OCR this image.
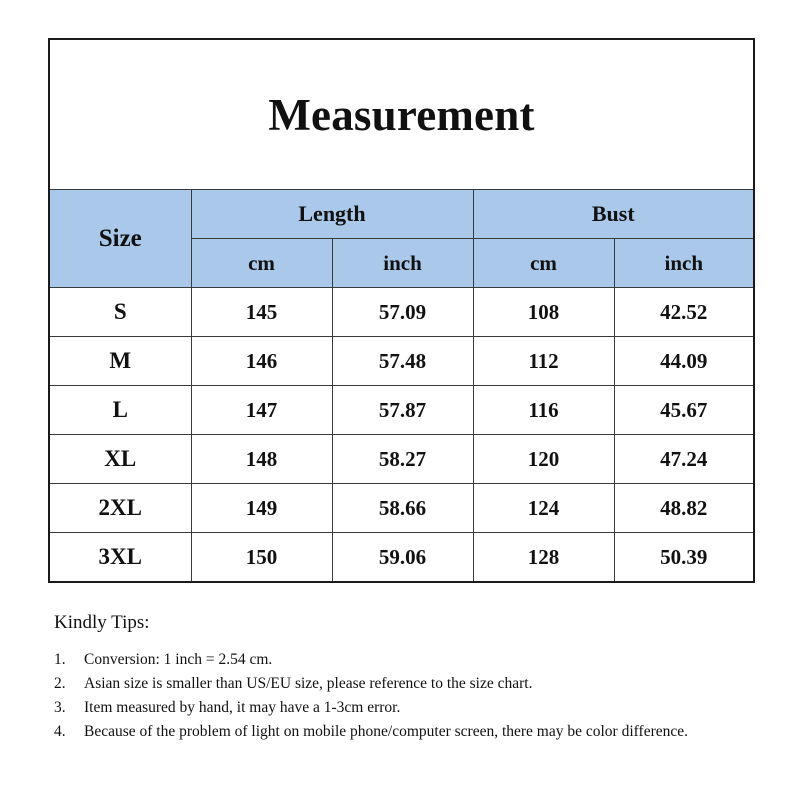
Measurement
Size	Length		Bust	
	cm	inch	cm	inch
S	145	57.09	108	42.52
M	146	57.48	112	44.09
L	147	57.87	116	45.67
XL	148	58.27	120	47.24
2XL	149	58.66	124	48.82
3XL	150	59.06	128	50.39

Kindly Tips:

1.	Conversion: 1 inch = 2.54 cm.
2.	Asian size is smaller than US/EU size, please reference to the size chart.
3.	Item measured by hand, it may have a 1-3cm error.
4.	Because of the problem of light on mobile phone/computer screen, there may be color difference.
